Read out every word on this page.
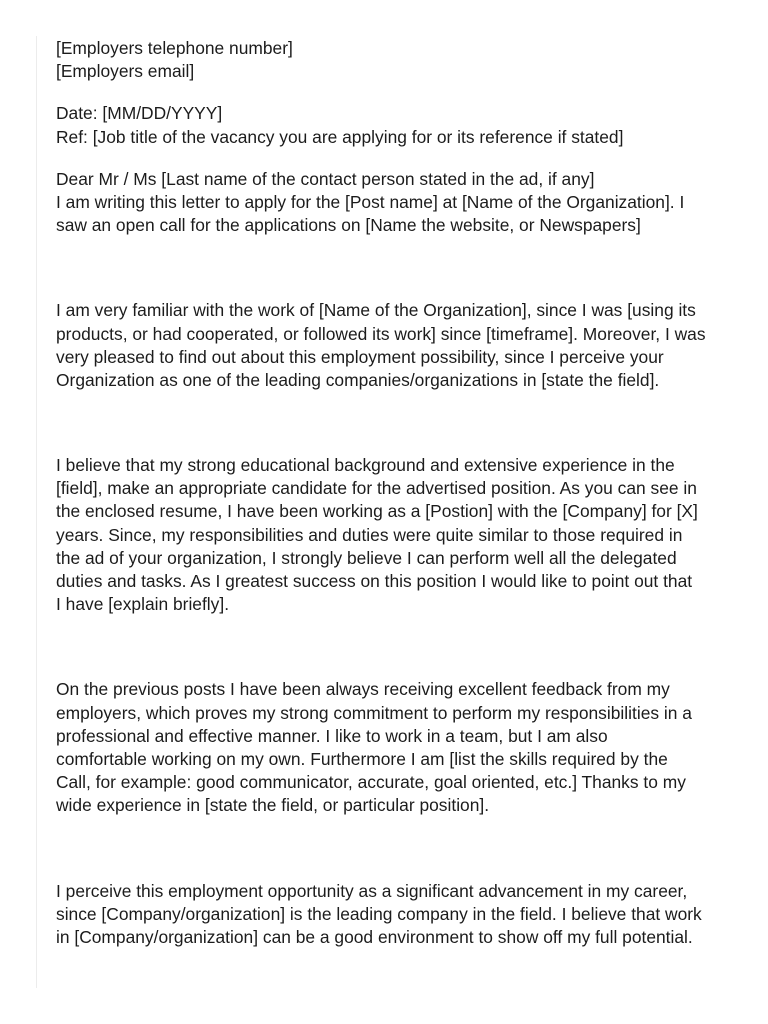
[Employers telephone number]
[Employers email]
Date: [MM/DD/YYYY]
Ref: [Job title of the vacancy you are applying for or its reference if stated]
Dear Mr / Ms [Last name of the contact person stated in the ad, if any]
I am writing this letter to apply for the [Post name] at [Name of the Organization]. I
saw an open call for the applications on [Name the website, or Newspapers]
I am very familiar with the work of [Name of the Organization], since I was [using its
products, or had cooperated, or followed its work] since [timeframe]. Moreover, I was
very pleased to find out about this employment possibility, since I perceive your
Organization as one of the leading companies/organizations in [state the field].
I believe that my strong educational background and extensive experience in the
[field], make an appropriate candidate for the advertised position. As you can see in
the enclosed resume, I have been working as a [Postion] with the [Company] for [X]
years. Since, my responsibilities and duties were quite similar to those required in
the ad of your organization, I strongly believe I can perform well all the delegated
duties and tasks. As I greatest success on this position I would like to point out that
I have [explain briefly].
On the previous posts I have been always receiving excellent feedback from my
employers, which proves my strong commitment to perform my responsibilities in a
professional and effective manner. I like to work in a team, but I am also
comfortable working on my own. Furthermore I am [list the skills required by the
Call, for example: good communicator, accurate, goal oriented, etc.] Thanks to my
wide experience in [state the field, or particular position].
I perceive this employment opportunity as a significant advancement in my career,
since [Company/organization] is the leading company in the field. I believe that work
in [Company/organization] can be a good environment to show off my full potential.
